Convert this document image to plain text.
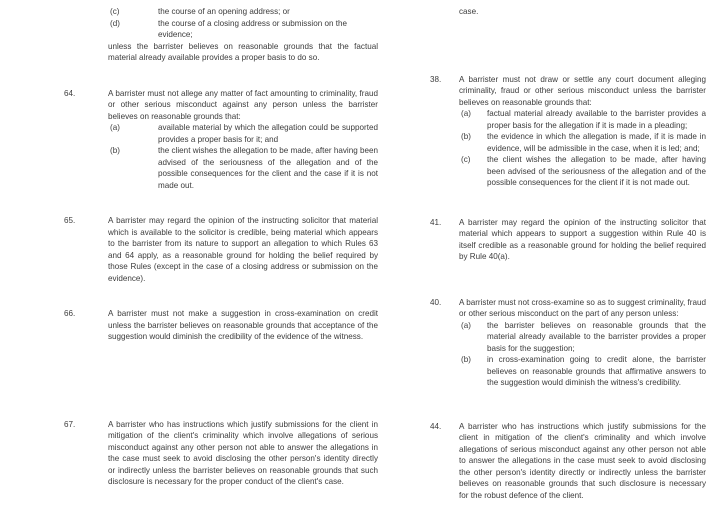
(c)	the course of an opening address; or
(d)	the course of a closing address or submission on the evidence;
unless the barrister believes on reasonable grounds that the factual material already available provides a proper basis to do so.
64.	A barrister must not allege any matter of fact amounting to criminality, fraud or other serious misconduct against any person unless the barrister believes on reasonable grounds that:
(a)	available material by which the allegation could be supported provides a proper basis for it; and
(b)	the client wishes the allegation to be made, after having been advised of the seriousness of the allegation and of the possible consequences for the client and the case if it is not made out.
65.	A barrister may regard the opinion of the instructing solicitor that material which is available to the solicitor is credible, being material which appears to the barrister from its nature to support an allegation to which Rules 63 and 64 apply, as a reasonable ground for holding the belief required by those Rules (except in the case of a closing address or submission on the evidence).
66.	A barrister must not make a suggestion in cross-examination on credit unless the barrister believes on reasonable grounds that acceptance of the suggestion would diminish the credibility of the evidence of the witness.
67.	A barrister who has instructions which justify submissions for the client in mitigation of the client's criminality which involve allegations of serious misconduct against any other person not able to answer the allegations in the case must seek to avoid disclosing the other person's identity directly or indirectly unless the barrister believes on reasonable grounds that such disclosure is necessary for the proper conduct of the client's case.
case.
38. A barrister must not draw or settle any court document alleging criminality, fraud or other serious misconduct unless the barrister believes on reasonable grounds that:
(a) factual material already available to the barrister provides a proper basis for the allegation if it is made in a pleading;
(b) the evidence in which the allegation is made, if it is made in evidence, will be admissible in the case, when it is led; and;
(c) the client wishes the allegation to be made, after having been advised of the seriousness of the allegation and of the possible consequences for the client if it is not made out.
41. A barrister may regard the opinion of the instructing solicitor that material which appears to support a suggestion within Rule 40 is itself credible as a reasonable ground for holding the belief required by Rule 40(a).
40. A barrister must not cross-examine so as to suggest criminality, fraud or other serious misconduct on the part of any person unless:
(a) the barrister believes on reasonable grounds that the material already available to the barrister provides a proper basis for the suggestion;
(b) in cross-examination going to credit alone, the barrister believes on reasonable grounds that affirmative answers to the suggestion would diminish the witness's credibility.
44. A barrister who has instructions which justify submissions for the client in mitigation of the client's criminality and which involve allegations of serious misconduct against any other person not able to answer the allegations in the case must seek to avoid disclosing the other person's identity directly or indirectly unless the barrister believes on reasonable grounds that such disclosure is necessary for the robust defence of the client.
